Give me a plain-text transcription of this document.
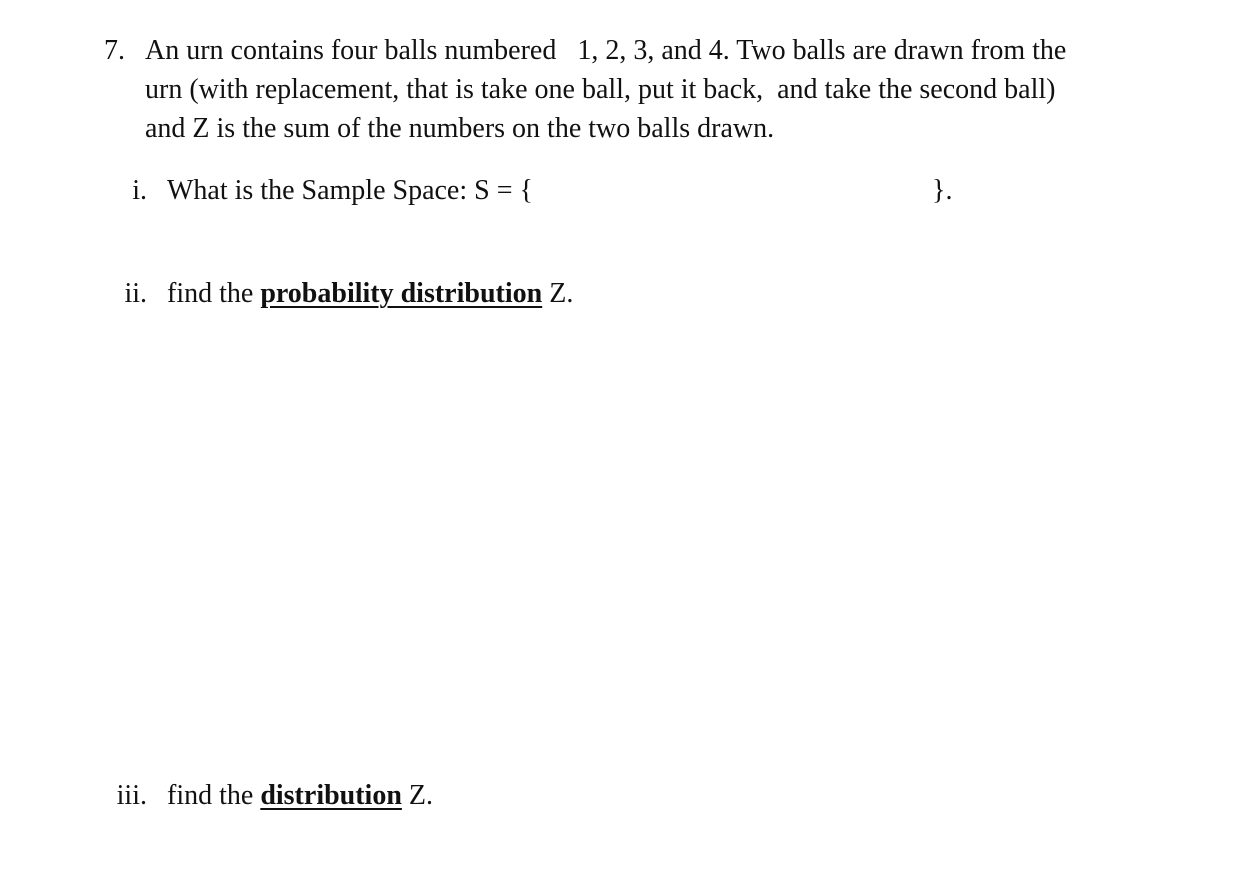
7. An urn contains four balls numbered   1, 2, 3, and 4. Two balls are drawn from the
urn (with replacement, that is take one ball, put it back,  and take the second ball)
and Z is the sum of the numbers on the two balls drawn.
i. What is the Sample Space: S = {	}.
ii. find the probability distribution Z.
iii. find the distribution Z.
